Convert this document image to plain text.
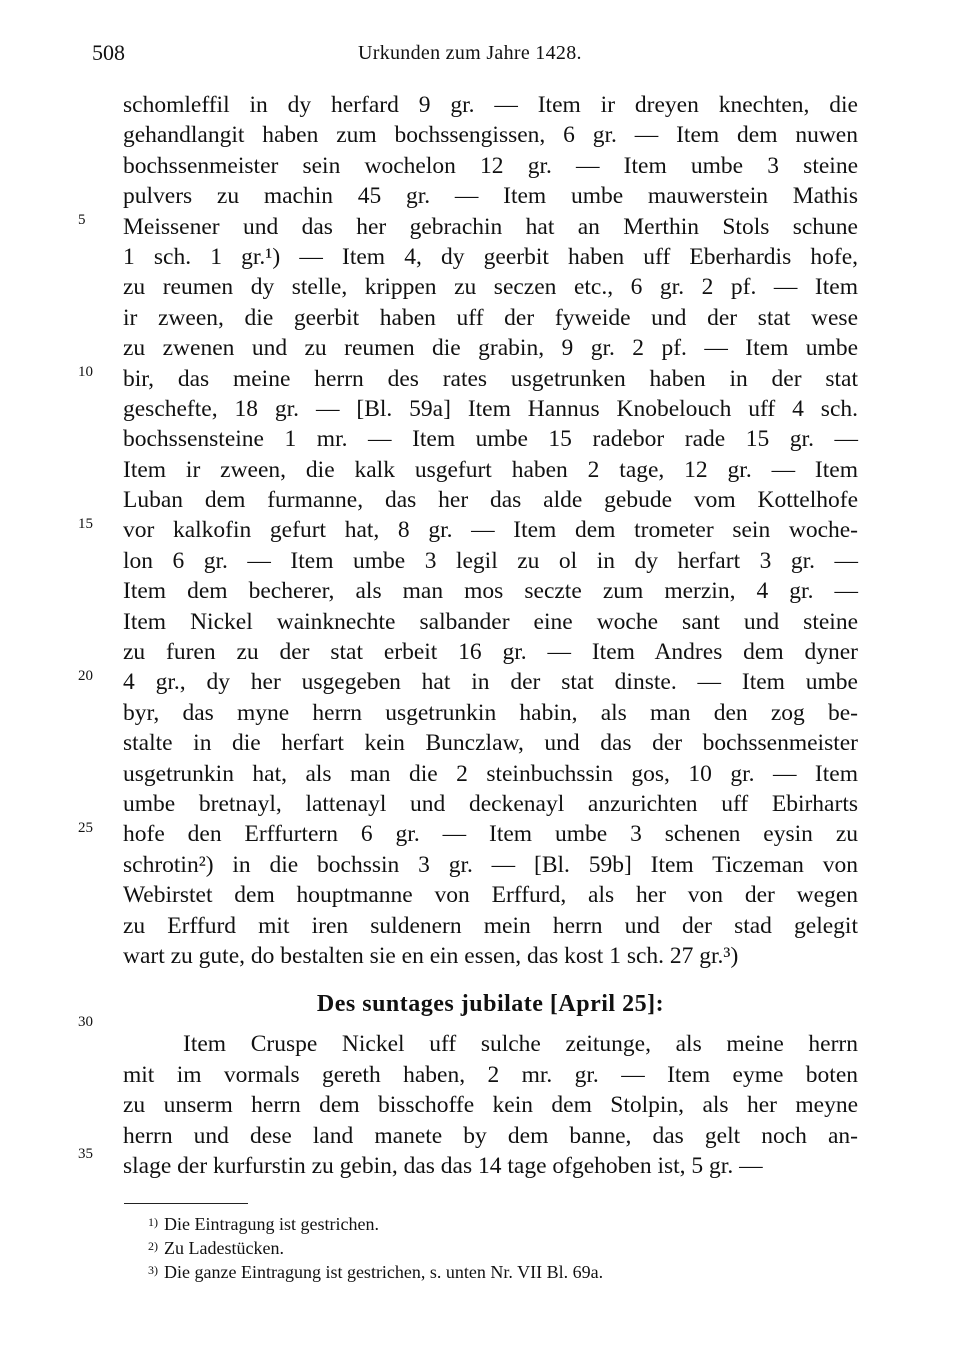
508	Urkunden zum Jahre 1428.
5
10
15
20
25
30
35
schomleffil in dy herfard 9 gr. — Item ir dreyen knechten, die
gehandlangit haben zum bochssengissen, 6 gr. — Item dem nuwen
bochssenmeister sein wochelon 12 gr. — Item umbe 3 steine
pulvers zu machin 45 gr. — Item umbe mauwerstein Mathis
Meissener und das her gebrachin hat an Merthin Stols schune
1 sch. 1 gr.¹) — Item 4, dy geerbit haben uff Eberhardis hofe,
zu reumen dy stelle, krippen zu seczen etc., 6 gr. 2 pf. — Item
ir zween, die geerbit haben uff der fyweide und der stat wese
zu zwenen und zu reumen die grabin, 9 gr. 2 pf. — Item umbe
bir, das meine herrn des rates usgetrunken haben in der stat
geschefte, 18 gr. — [Bl. 59a] Item Hannus Knobelouch uff 4 sch.
bochssensteine 1 mr. — Item umbe 15 radebor rade 15 gr. —
Item ir zween, die kalk usgefurt haben 2 tage, 12 gr. — Item
Luban dem furmanne, das her das alde gebude vom Kottelhofe
vor kalkofin gefurt hat, 8 gr. — Item dem trometer sein woche-
lon 6 gr. — Item umbe 3 legil zu ol in dy herfart 3 gr. —
Item dem becherer, als man mos seczte zum merzin, 4 gr. —
Item Nickel wainknechte salbander eine woche sant und steine
zu furen zu der stat erbeit 16 gr. — Item Andres dem dyner
4 gr., dy her usgegeben hat in der stat dinste. — Item umbe
byr, das myne herrn usgetrunkin habin, als man den zog be-
stalte in die herfart kein Bunczlaw, und das der bochssenmeister
usgetrunkin hat, als man die 2 steinbuchssin gos, 10 gr. — Item
umbe bretnayl, lattenayl und deckenayl anzurichten uff Ebirharts
hofe den Erffurtern 6 gr. — Item umbe 3 schenen eysin zu
schrotin²) in die bochssin 3 gr. — [Bl. 59b] Item Ticzeman von
Webirstet dem houptmanne von Erffurd, als her von der wegen
zu Erffurd mit iren suldenern mein herrn und der stad gelegit
wart zu gute, do bestalten sie en ein essen, das kost 1 sch. 27 gr.³)
Des suntages jubilate [April 25]:
Item Cruspe Nickel uff sulche zeitunge, als meine herrn
mit im vormals gereth haben, 2 mr. gr. — Item eyme boten
zu unserm herrn dem bisschoffe kein dem Stolpin, als her meyne
herrn und dese land manete by dem banne, das gelt noch an-
slage der kurfurstin zu gebin, das das 14 tage ofgehoben ist, 5 gr. —
$^{1)}$ Die Eintragung ist gestrichen.
$^{2)}$ Zu Ladestücken.
$^{3)}$ Die ganze Eintragung ist gestrichen, s. unten Nr. VII Bl. 69a.
